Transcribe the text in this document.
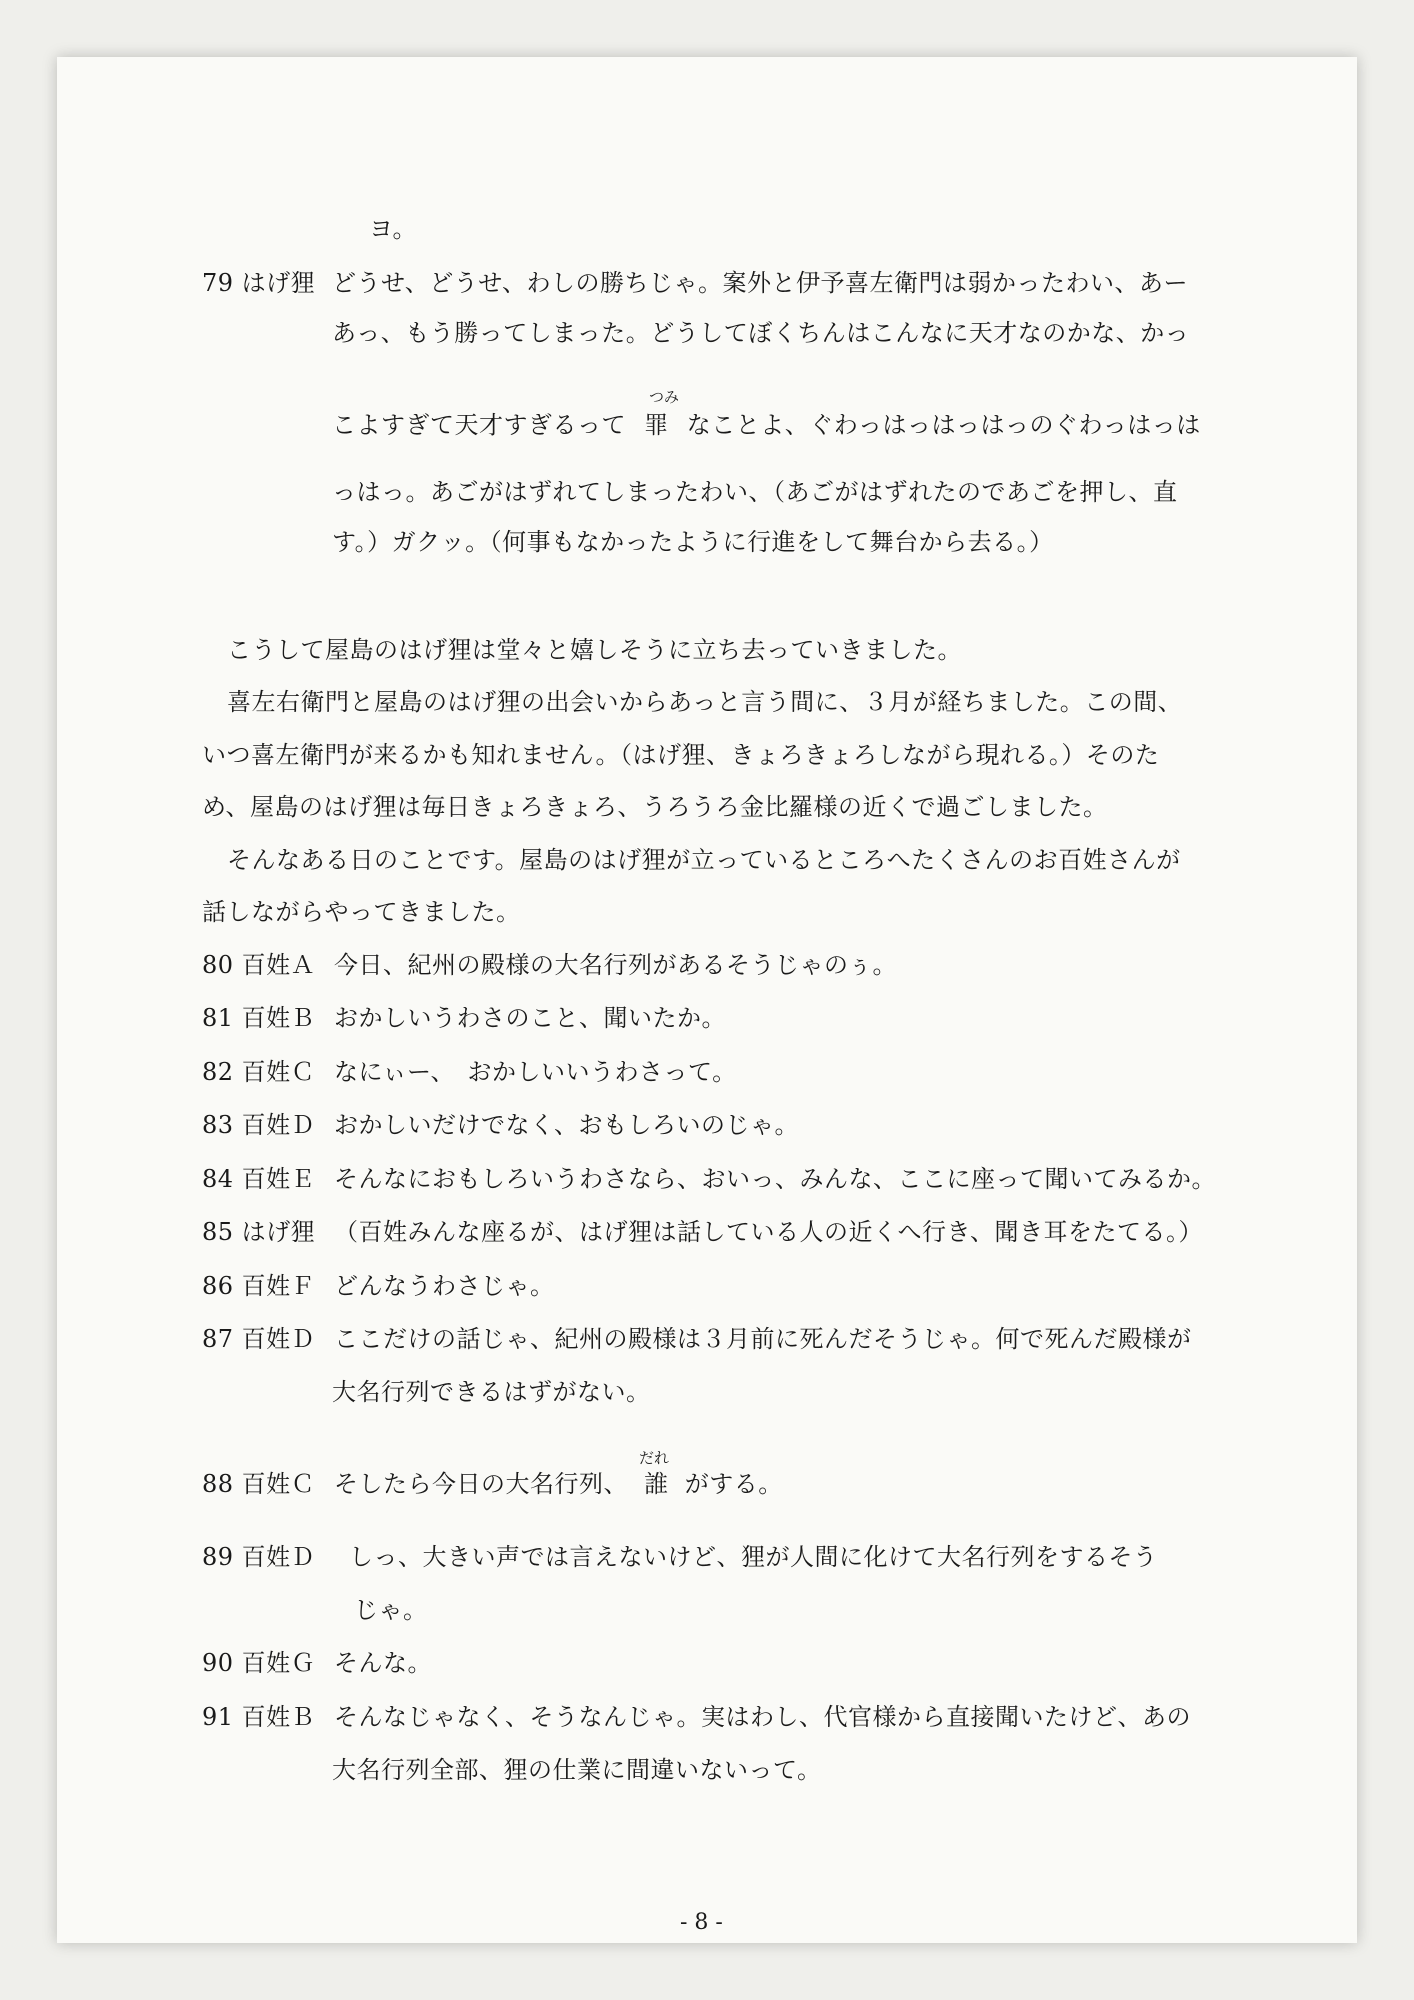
ヨ。
79 はげ狸 どうせ、どうせ、わしの勝ちじゃ。案外と伊予喜左衛門は弱かったわい、あー
あっ、もう勝ってしまった。どうしてぼくちんはこんなに天才なのかな、かっ
つみ
こよすぎて天才すぎるって 罪 なことよ、ぐわっはっはっはっのぐわっはっは
っはっ。あごがはずれてしまったわい、（あごがはずれたのであごを押し、直
す。）ガクッ。（何事もなかったように行進をして舞台から去る。）
こうして屋島のはげ狸は堂々と嬉しそうに立ち去っていきました。
喜左右衛門と屋島のはげ狸の出会いからあっと言う間に、３月が経ちました。この間、
いつ喜左衛門が来るかも知れません。（はげ狸、きょろきょろしながら現れる。）そのた
め、屋島のはげ狸は毎日きょろきょろ、うろうろ金比羅様の近くで過ごしました。
そんなある日のことです。屋島のはげ狸が立っているところへたくさんのお百姓さんが
話しながらやってきました。
80 百姓Ａ 今日、紀州の殿様の大名行列があるそうじゃのぅ。
81 百姓Ｂ おかしいうわさのこと、聞いたか。
82 百姓Ｃ なにぃー、　おかしいいうわさって。
83 百姓Ｄ おかしいだけでなく、おもしろいのじゃ。
84 百姓Ｅ そんなにおもしろいうわさなら、おいっ、みんな、ここに座って聞いてみるか。
85 はげ狸 （百姓みんな座るが、はげ狸は話している人の近くへ行き、聞き耳をたてる。）
86 百姓Ｆ どんなうわさじゃ。
87 百姓Ｄ ここだけの話じゃ、紀州の殿様は３月前に死んだそうじゃ。何で死んだ殿様が
大名行列できるはずがない。
だれ
88 百姓Ｃ そしたら今日の大名行列、 誰 がする。
89 百姓Ｄ しっ、大きい声では言えないけど、狸が人間に化けて大名行列をするそう
じゃ。
90 百姓Ｇ そんな。
91 百姓Ｂ そんなじゃなく、そうなんじゃ。実はわし、代官様から直接聞いたけど、あの
大名行列全部、狸の仕業に間違いないって。
- 8 -
